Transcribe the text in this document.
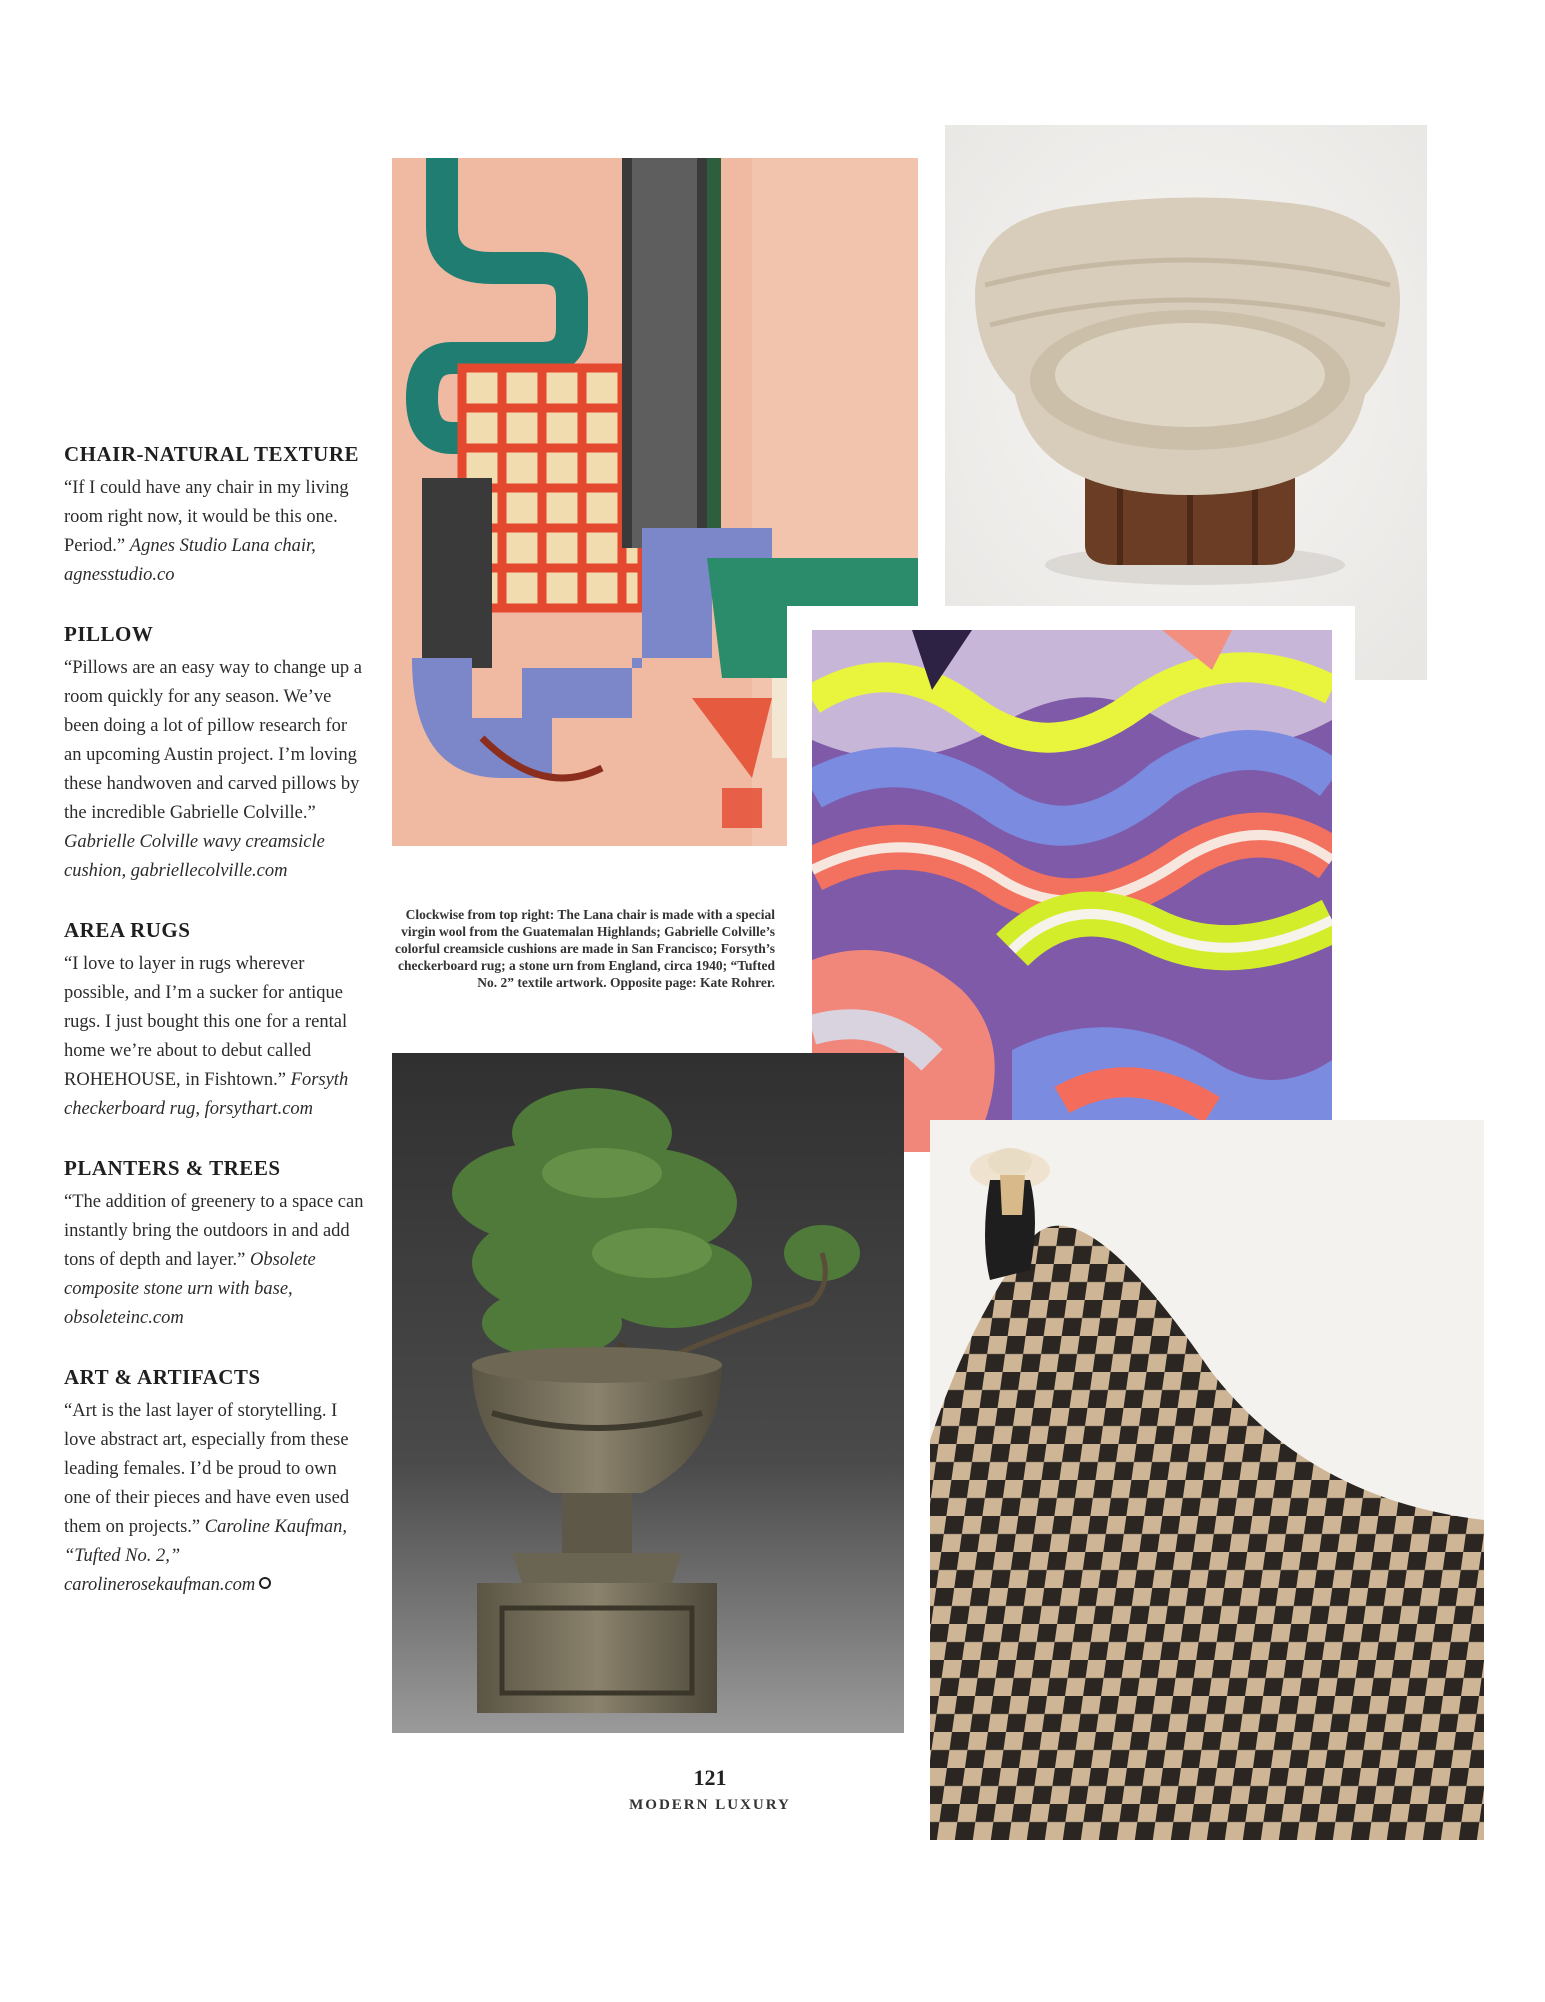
CHAIR-NATURAL TEXTURE
“If I could have any chair in my living room right now, it would be this one. Period.” Agnes Studio Lana chair, agnesstudio.co
PILLOW
“Pillows are an easy way to change up a room quickly for any season. We’ve been doing a lot of pillow research for an upcoming Austin project. I’m loving these handwoven and carved pillows by the incredible Gabrielle Colville.” Gabrielle Colville wavy creamsicle cushion, gabriellecolville.com
AREA RUGS
“I love to layer in rugs wherever possible, and I’m a sucker for antique rugs. I just bought this one for a rental home we’re about to debut called ROHEHOUSE, in Fishtown.” Forsyth checkerboard rug, forsythart.com
PLANTERS & TREES
“The addition of greenery to a space can instantly bring the outdoors in and add tons of depth and layer.” Obsolete composite stone urn with base, obsoleteinc.com
ART & ARTIFACTS
“Art is the last layer of storytelling. I love abstract art, especially from these leading females. I’d be proud to own one of their pieces and have even used them on projects.” Caroline Kaufman, “Tufted No. 2,” carolinerosekaufman.com
Clockwise from top right: The Lana chair is made with a special virgin wool from the Guatemalan Highlands; Gabrielle Colville’s colorful creamsicle cushions are made in San Francisco; Forsyth’s checkerboard rug; a stone urn from England, circa 1940; “Tufted No. 2” textile artwork. Opposite page: Kate Rohrer.
121
MODERN LUXURY
